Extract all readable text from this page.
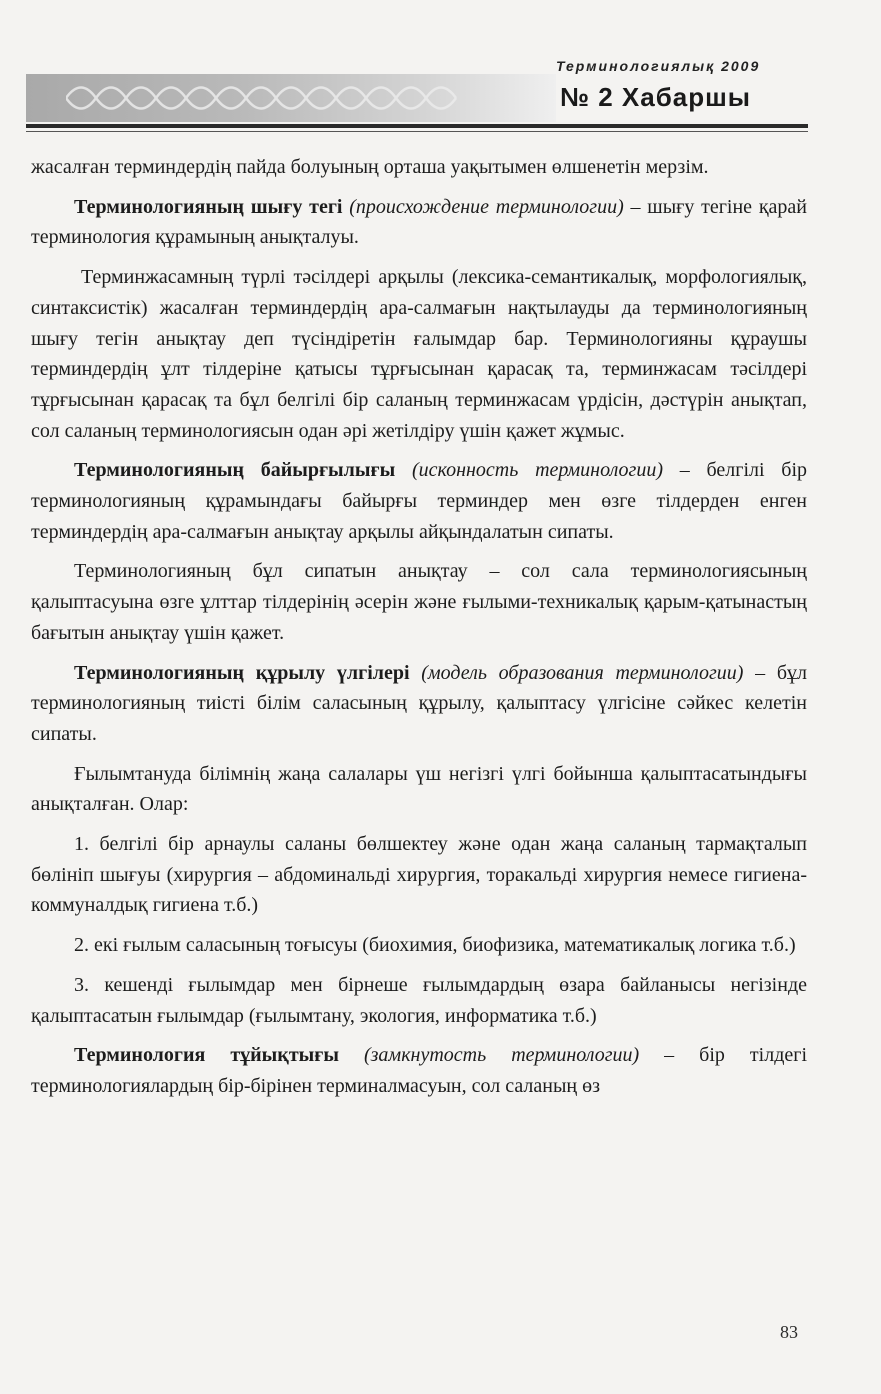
Терминологиялық 2009
№ 2 Хабаршы

жасалған терминдердің пайда болуының орташа уақытымен өлшенетін мерзім.

Терминологияның шығу тегі (происхождение терминологии) – шығу тегіне қарай терминология құрамының анықталуы.

Терминжасамның түрлі тәсілдері арқылы (лексика-семантикалық, морфологиялық, синтаксистік) жасалған терминдердің ара-салмағын нақтылауды да терминологияның шығу тегін анықтау деп түсіндіретін ғалымдар бар. Терминологияны құраушы терминдердің ұлт тілдеріне қатысы тұрғысынан қарасақ та, терминжасам тәсілдері тұрғысынан қарасақ та бұл белгілі бір саланың терминжасам үрдісін, дәстүрін анықтап, сол саланың терминологиясын одан әрі жетілдіру үшін қажет жұмыс.

Терминологияның байырғылығы (исконность терминологии) – белгілі бір терминологияның құрамындағы байырғы терминдер мен өзге тілдерден енген терминдердің ара-салмағын анықтау арқылы айқындалатын сипаты.

Терминологияның бұл сипатын анықтау – сол сала терминологиясының қалыптасуына өзге ұлттар тілдерінің әсерін және ғылыми-техникалық қарым-қатынастың бағытын анықтау үшін қажет.

Терминологияның құрылу үлгілері (модель образования терминологии) – бұл терминологияның тиісті білім саласының құрылу, қалыптасу үлгісіне сәйкес келетін сипаты.

Ғылымтануда білімнің жаңа салалары үш негізгі үлгі бойынша қалыптасатындығы анықталған. Олар:

1. белгілі бір арнаулы саланы бөлшектеу және одан жаңа саланың тармақталып бөлініп шығуы (хирургия – абдоминальді хирургия, торакальді хирургия немесе гигиена-коммуналдық гигиена т.б.)

2. екі ғылым саласының тоғысуы (биохимия, биофизика, математикалық логика т.б.)

3. кешенді ғылымдар мен бірнеше ғылымдардың өзара байланысы негізінде қалыптасатын ғылымдар (ғылымтану, экология, информатика т.б.)

Терминология тұйықтығы (замкнутость терминологии) – бір тілдегі терминологиялардың бір-бірінен терминалмасуын, сол саланың өз

83
